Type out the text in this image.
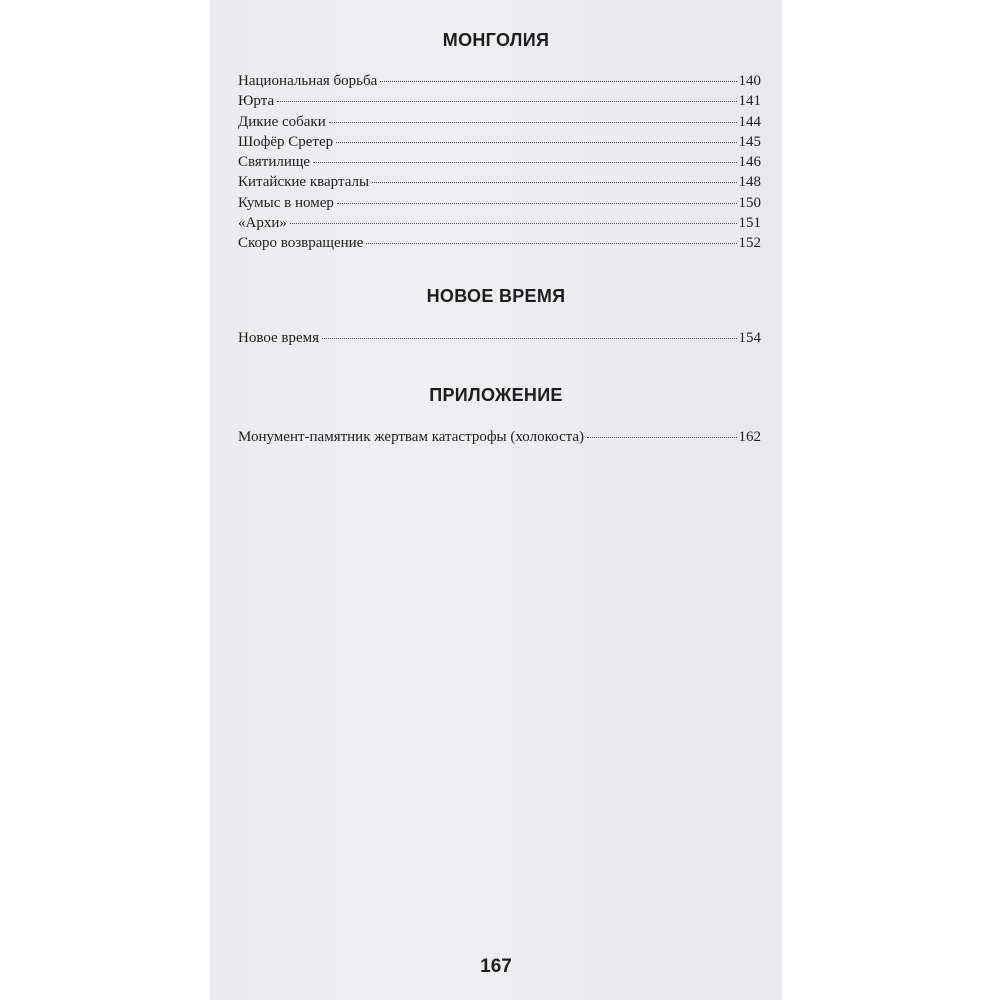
МОНГОЛИЯ
Национальная борьба	140
Юрта	141
Дикие собаки	144
Шофёр Сретер	145
Святилище	146
Китайские кварталы	148
Кумыс в номер	150
«Архи»	151
Скоро возвращение	152
НОВОЕ ВРЕМЯ
Новое время	154
ПРИЛОЖЕНИЕ
Монумент-памятник жертвам катастрофы (холокоста)	162
167
